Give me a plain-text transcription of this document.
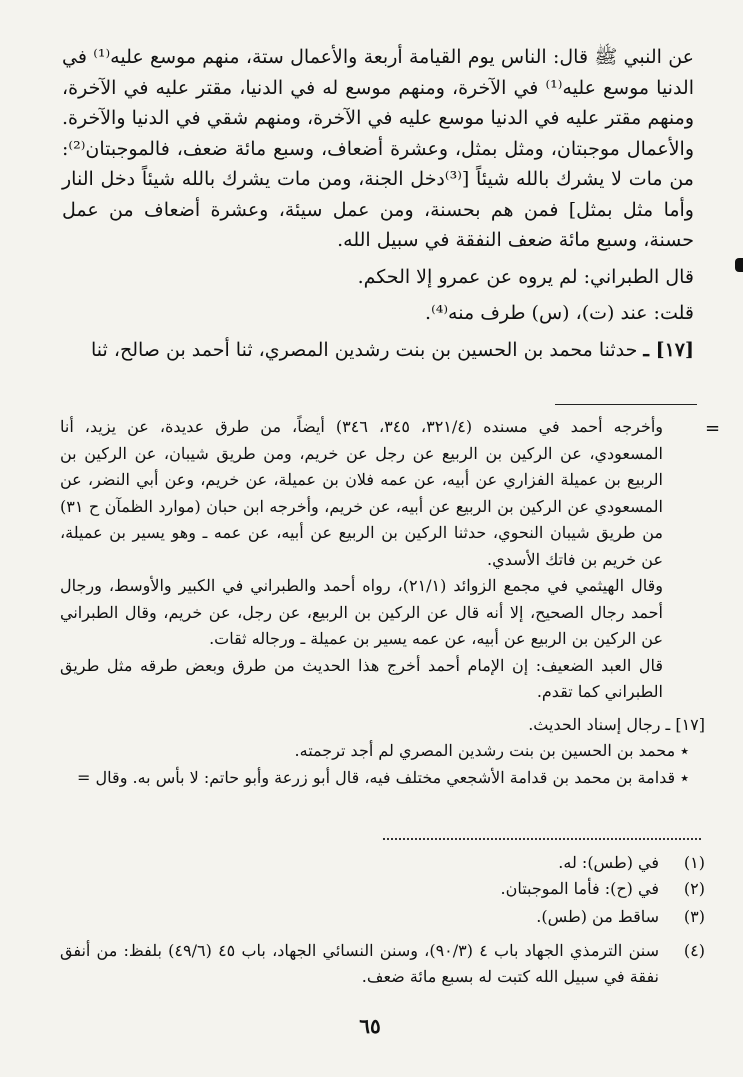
عن النبي ﷺ قال: الناس يوم القيامة أربعة والأعمال ستة، منهم موسع عليه⁽¹⁾ في الدنيا موسع عليه⁽¹⁾ في الآخرة، ومنهم موسع له في الدنيا، مقتر عليه في الآخرة، ومنهم مقتر عليه في الدنيا موسع عليه في الآخرة، ومنهم شقي في الدنيا والآخرة. والأعمال موجبتان، ومثل بمثل، وعشرة أضعاف، وسبع مائة ضعف، فالموجبتان⁽²⁾: من مات لا يشرك بالله شيئاً [⁽³⁾دخل الجنة، ومن مات يشرك بالله شيئاً دخل النار وأما مثل بمثل] فمن هم بحسنة، ومن عمل سيئة، وعشرة أضعاف من عمل حسنة، وسبع مائة ضعف النفقة في سبيل الله.

قال الطبراني: لم يروه عن عمرو إلا الحكم.

قلت: عند (ت)، (س) طرف منه⁽⁴⁾.

[١٧] ـ حدثنا محمد بن الحسين بن بنت رشدين المصري، ثنا أحمد بن صالح، ثنا

=

وأخرجه أحمد في مسنده (٣٢١/٤، ٣٤٥، ٣٤٦) أيضاً، من طرق عديدة، عن يزيد، أنا المسعودي، عن الركين بن الربيع عن رجل عن خريم، ومن طريق شيبان، عن الركين بن الربيع بن عميلة الفزاري عن أبيه، عن عمه فلان بن عميلة، عن خريم، وعن أبي النضر، عن المسعودي عن الركين بن الربيع عن أبيه، عن خريم، وأخرجه ابن حبان (موارد الظمآن ح ٣١) من طريق شيبان النحوي، حدثنا الركين بن الربيع عن أبيه، عن عمه ـ وهو يسير بن عميلة، عن خريم بن فاتك الأسدي.

وقال الهيثمي في مجمع الزوائد (٢١/١)، رواه أحمد والطبراني في الكبير والأوسط، ورجال أحمد رجال الصحيح، إلا أنه قال عن الركين بن الربيع، عن رجل، عن خريم، وقال الطبراني عن الركين بن الربيع عن أبيه، عن عمه يسير بن عميلة ـ ورجاله ثقات.

قال العبد الضعيف: إن الإمام أحمد أخرج هذا الحديث من طرق وبعض طرقه مثل طريق الطبراني كما تقدم.

[١٧] ـ رجال إسناد الحديث.

٭ محمد بن الحسين بن بنت رشدين المصري لم أجد ترجمته.

٭ قدامة بن محمد بن قدامة الأشجعي مختلف فيه، قال أبو زرعة وأبو حاتم: لا بأس به. وقال =

(١)
في (طس): له.
(٢)
في (ح): فأما الموجبتان.
(٣)
ساقط من (طس).
(٤)
سنن الترمذي الجهاد باب ٤ (٩٠/٣)، وسنن النسائي الجهاد، باب ٤٥ (٤٩/٦) بلفظ: من أنفق نفقة في سبيل الله كتبت له بسبع مائة ضعف.
٦٥
